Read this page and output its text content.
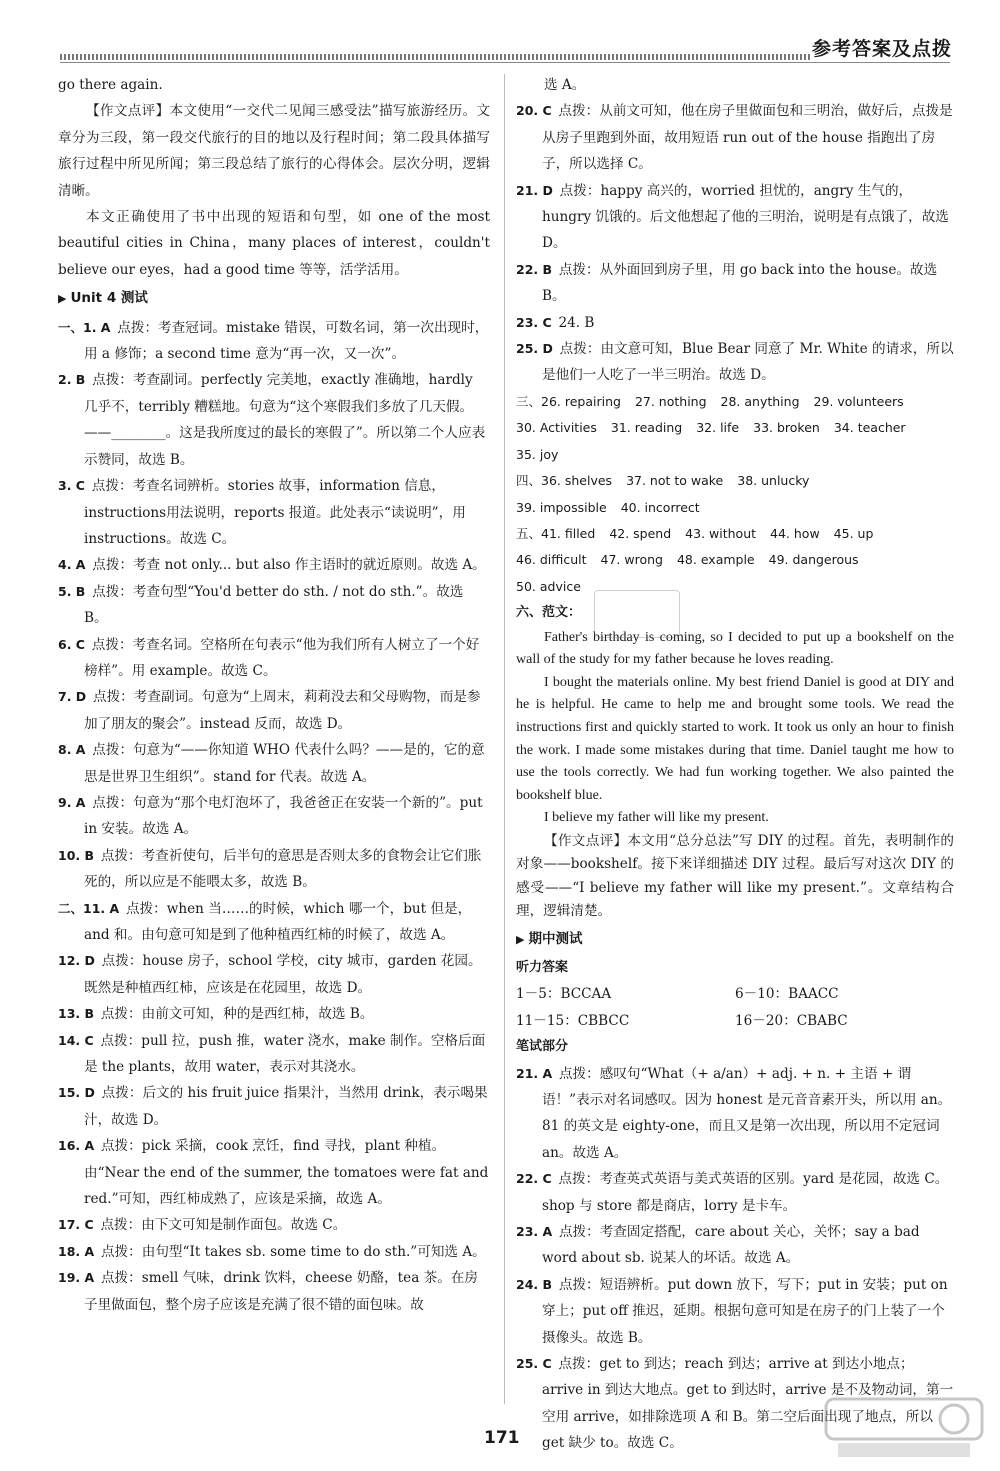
参考答案及点拨

go there again.

【作文点评】本文使用“一交代二见闻三感受法”描写旅游经历。文章分为三段，第一段交代旅行的目的地以及行程时间；第二段具体描写旅行过程中所见所闻；第三段总结了旅行的心得体会。层次分明，逻辑清晰。

本文正确使用了书中出现的短语和句型，如 one of the most beautiful cities in China，many places of interest，couldn't believe our eyes，had a good time 等等，活学活用。

▶ Unit 4 测试

一、1. A  点拨：考查冠词。mistake 错误，可数名词，第一次出现时，用 a 修饰；a second time 意为“再一次，又一次”。

2. B  点拨：考查副词。perfectly 完美地，exactly 准确地，hardly 几乎不，terribly 糟糕地。句意为“这个寒假我们多放了几天假。——________。这是我所度过的最长的寒假了”。所以第二个人应表示赞同，故选 B。

3. C  点拨：考查名词辨析。stories 故事，information 信息，instructions用法说明，reports 报道。此处表示“读说明”，用 instructions。故选 C。

4. A  点拨：考查 not only... but also 作主语时的就近原则。故选 A。

5. B  点拨：考查句型“You'd better do sth. / not do sth.”。故选 B。

6. C  点拨：考查名词。空格所在句表示“他为我们所有人树立了一个好榜样”。用 example。故选 C。

7. D  点拨：考查副词。句意为“上周末，莉莉没去和父母购物，而是参加了朋友的聚会”。instead 反而，故选 D。

8. A  点拨：句意为“——你知道 WHO 代表什么吗？——是的，它的意思是世界卫生组织”。stand for 代表。故选 A。

9. A  点拨：句意为“那个电灯泡坏了，我爸爸正在安装一个新的”。put in 安装。故选 A。

10. B  点拨：考查祈使句，后半句的意思是否则太多的食物会让它们胀死的，所以应是不能喂太多，故选 B。

二、11. A  点拨：when 当……的时候，which 哪一个，but 但是，and 和。由句意可知是到了他种植西红柿的时候了，故选 A。

12. D  点拨：house 房子，school 学校，city 城市，garden 花园。既然是种植西红柿，应该是在花园里，故选 D。

13. B  点拨：由前文可知，种的是西红柿，故选 B。

14. C  点拨：pull 拉，push 推，water 浇水，make 制作。空格后面是 the plants，故用 water，表示对其浇水。

15. D  点拨：后文的 his fruit juice 指果汁，当然用 drink，表示喝果汁，故选 D。

16. A  点拨：pick 采摘，cook 烹饪，find 寻找，plant 种植。由“Near the end of the summer, the tomatoes were fat and red.”可知，西红柿成熟了，应该是采摘，故选 A。

17. C  点拨：由下文可知是制作面包。故选 C。

18. A  点拨：由句型“It takes sb. some time to do sth.”可知选 A。

19. A  点拨：smell 气味，drink 饮料，cheese 奶酪，tea 茶。在房子里做面包，整个房子应该是充满了很不错的面包味。故

选 A。

20. C  点拨：从前文可知，他在房子里做面包和三明治，做好后，点拨是从房子里跑到外面，故用短语 run out of the house 指跑出了房子，所以选择 C。

21. D  点拨：happy 高兴的，worried 担忧的，angry 生气的，hungry 饥饿的。后文他想起了他的三明治，说明是有点饿了，故选 D。

22. B  点拨：从外面回到房子里，用 go back into the house。故选 B。

23. C  24. B

25. D  点拨：由文意可知，Blue Bear 同意了 Mr. White 的请求，所以是他们一人吃了一半三明治。故选 D。

三、26. repairing 27. nothing 28. anything 29. volunteers

30. Activities 31. reading 32. life 33. broken 34. teacher

35. joy

四、36. shelves 37. not to wake 38. unlucky

39. impossible 40. incorrect

五、41. filled 42. spend 43. without 44. how 45. up

46. difficult 47. wrong 48. example 49. dangerous

50. advice

六、范文：

Father's birthday is coming, so I decided to put up a bookshelf on the wall of the study for my father because he loves reading.

I bought the materials online. My best friend Daniel is good at DIY and he is helpful. He came to help me and brought some tools. We read the instructions first and quickly started to work. It took us only an hour to finish the work. I made some mistakes during that time. Daniel taught me how to use the tools correctly. We had fun working together. We also painted the bookshelf blue.

I believe my father will like my present.

【作文点评】本文用“总分总法”写 DIY 的过程。首先，表明制作的对象——bookshelf。接下来详细描述 DIY 过程。最后写对这次 DIY 的感受——“I believe my father will like my present.”。文章结构合理，逻辑清楚。

▶ 期中测试

听力答案

1－5：BCCAA	6－10：BAACC
11－15：CBBCC	16－20：CBABC

笔试部分

21. A  点拨：感叹句“What（+ a/an）+ adj. + n. + 主语 + 谓语！”表示对名词感叹。因为 honest 是元音音素开头，所以用 an。81 的英文是 eighty-one，而且又是第一次出现，所以用不定冠词 an。故选 A。

22. C  点拨：考查英式英语与美式英语的区别。yard 是花园，故选 C。shop 与 store 都是商店，lorry 是卡车。

23. A  点拨：考查固定搭配，care about 关心，关怀；say a bad word about sb. 说某人的坏话。故选 A。

24. B  点拨：短语辨析。put down 放下，写下；put in 安装；put on 穿上；put off 推迟，延期。根据句意可知是在房子的门上装了一个摄像头。故选 B。

25. C  点拨：get to 到达；reach 到达；arrive at 到达小地点；arrive in 到达大地点。get to 到达时，arrive 是不及物动词，第一空用 arrive，如排除选项 A 和 B。第二空后面出现了地点，所以 get 缺少 to。故选 C。

171
